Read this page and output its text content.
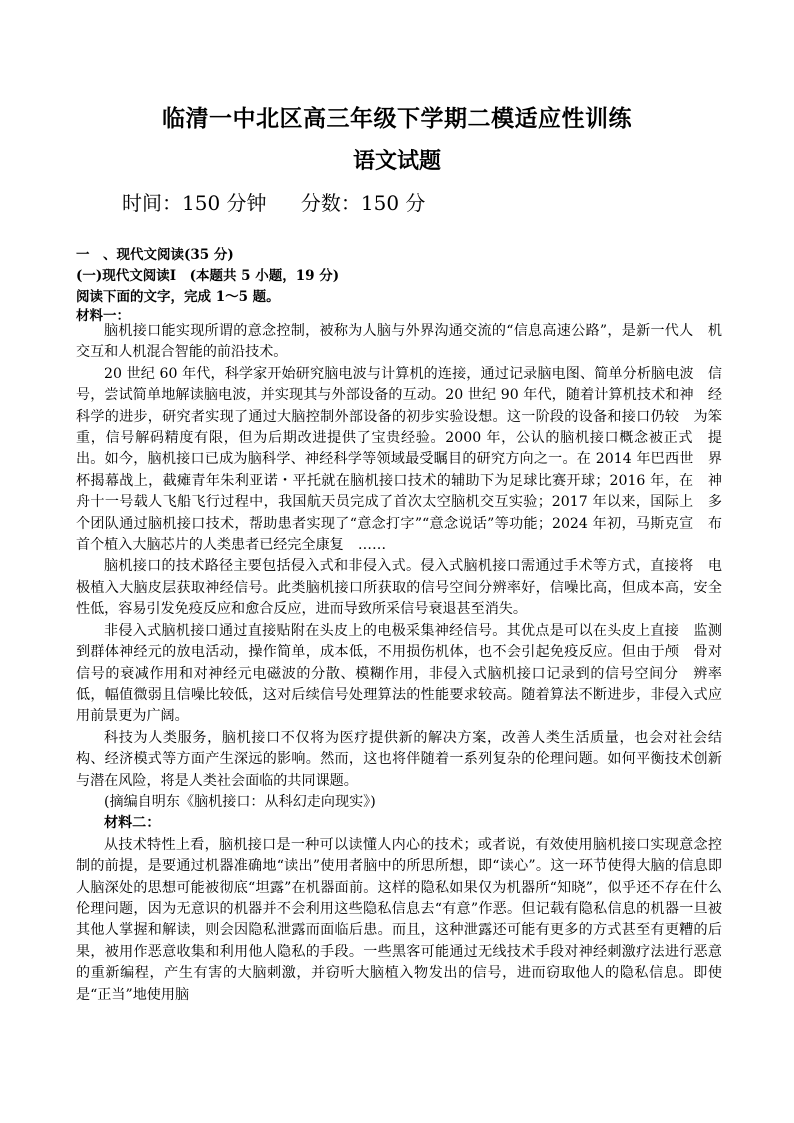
临清一中北区高三年级下学期二模适应性训练
语文试题
时间：150 分钟 分数：150 分
一　、现代文阅读(35 分)
(一)现代文阅读Ⅰ　(本题共 5 小题，19 分)
阅读下面的文字，完成 1～5 题。
材料一：

脑机接口能实现所谓的意念控制，被称为人脑与外界沟通交流的“信息高速公路”，是新一代人　机交互和人机混合智能的前沿技术。

20 世纪 60 年代，科学家开始研究脑电波与计算机的连接，通过记录脑电图、简单分析脑电波　信号，尝试简单地解读脑电波，并实现其与外部设备的互动。20 世纪 90 年代，随着计算机技术和神　经科学的进步，研究者实现了通过大脑控制外部设备的初步实验设想。这一阶段的设备和接口仍较　为笨重，信号解码精度有限，但为后期改进提供了宝贵经验。2000 年，公认的脑机接口概念被正式　提出。如今，脑机接口已成为脑科学、神经科学等领域最受瞩目的研究方向之一。在 2014 年巴西世　界杯揭幕战上，截瘫青年朱利亚诺・平托就在脑机接口技术的辅助下为足球比赛开球；2016 年，在　神舟十一号载人飞船飞行过程中，我国航天员完成了首次太空脑机交互实验；2017 年以来，国际上　多个团队通过脑机接口技术，帮助患者实现了“意念打字”“意念说话”等功能；2024 年初，马斯克宣　布首个植入大脑芯片的人类患者已经完全康复　……

脑机接口的技术路径主要包括侵入式和非侵入式。侵入式脑机接口需通过手术等方式，直接将　电极植入大脑皮层获取神经信号。此类脑机接口所获取的信号空间分辨率好，信噪比高，但成本高，安全性低，容易引发免疫反应和愈合反应，进而导致所采信号衰退甚至消失。

非侵入式脑机接口通过直接贴附在头皮上的电极采集神经信号。其优点是可以在头皮上直接　监测到群体神经元的放电活动，操作简单，成本低，不用损伤机体，也不会引起免疫反应。但由于颅　骨对信号的衰减作用和对神经元电磁波的分散、模糊作用，非侵入式脑机接口记录到的信号空间分　辨率低，幅值微弱且信噪比较低，这对后续信号处理算法的性能要求较高。随着算法不断进步，非侵入式应用前景更为广阔。

科技为人类服务，脑机接口不仅将为医疗提供新的解决方案，改善人类生活质量，也会对社会结构、经济模式等方面产生深远的影响。然而，这也将伴随着一系列复杂的伦理问题。如何平衡技术创新与潜在风险，将是人类社会面临的共同课题。

(摘编自明东《脑机接口：从科幻走向现实》)

材料二：

从技术特性上看，脑机接口是一种可以读懂人内心的技术；或者说，有效使用脑机接口实现意念控制的前提，是要通过机器准确地“读出”使用者脑中的所思所想，即“读心”。这一环节使得大脑的信息即人脑深处的思想可能被彻底“坦露”在机器面前。这样的隐私如果仅为机器所“知晓”，似乎还不存在什么伦理问题，因为无意识的机器并不会利用这些隐私信息去“有意”作恶。但记载有隐私信息的机器一旦被其他人掌握和解读，则会因隐私泄露而面临后患。而且，这种泄露还可能有更多的方式甚至有更糟的后果，被用作恶意收集和利用他人隐私的手段。一些黑客可能通过无线技术手段对神经刺激疗法进行恶意的重新编程，产生有害的大脑刺激，并窃听大脑植入物发出的信号，进而窃取他人的隐私信息。即使是“正当”地使用脑
